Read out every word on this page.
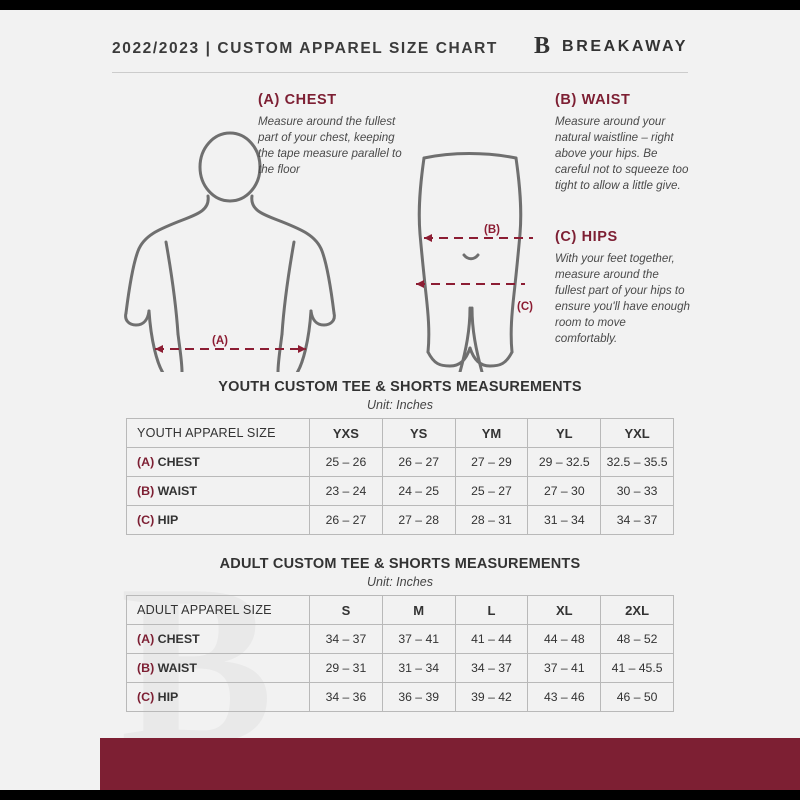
2022/2023 | CUSTOM APPAREL SIZE CHART B BREAKAWAY
(A)
(B)
(C)
(A) CHEST

Measure around the fullest part of your chest, keeping the tape measure parallel to the floor

(B) WAIST

Measure around your natural waistline – right above your hips. Be careful not to squeeze too tight to allow a little give.

(C) HIPS

With your feet together, measure around the fullest part of your hips to ensure you'll have enough room to move comfortably.

YOUTH CUSTOM TEE & SHORTS MEASUREMENTS
Unit: Inches
YOUTH APPAREL SIZE	YXS	YS	YM	YL	YXL
(A) CHEST	25 – 26	26 – 27	27 – 29	29 – 32.5	32.5 – 35.5
(B) WAIST	23 – 24	24 – 25	25 – 27	27 – 30	30 – 33
(C) HIP	26 – 27	27 – 28	28 – 31	31 – 34	34 – 37
ADULT CUSTOM TEE & SHORTS MEASUREMENTS
Unit: Inches
ADULT APPAREL SIZE	S	M	L	XL	2XL
(A) CHEST	34 – 37	37 – 41	41 – 44	44 – 48	48 – 52
(B) WAIST	29 – 31	31 – 34	34 – 37	37 – 41	41 – 45.5
(C) HIP	34 – 36	36 – 39	39 – 42	43 – 46	46 – 50
